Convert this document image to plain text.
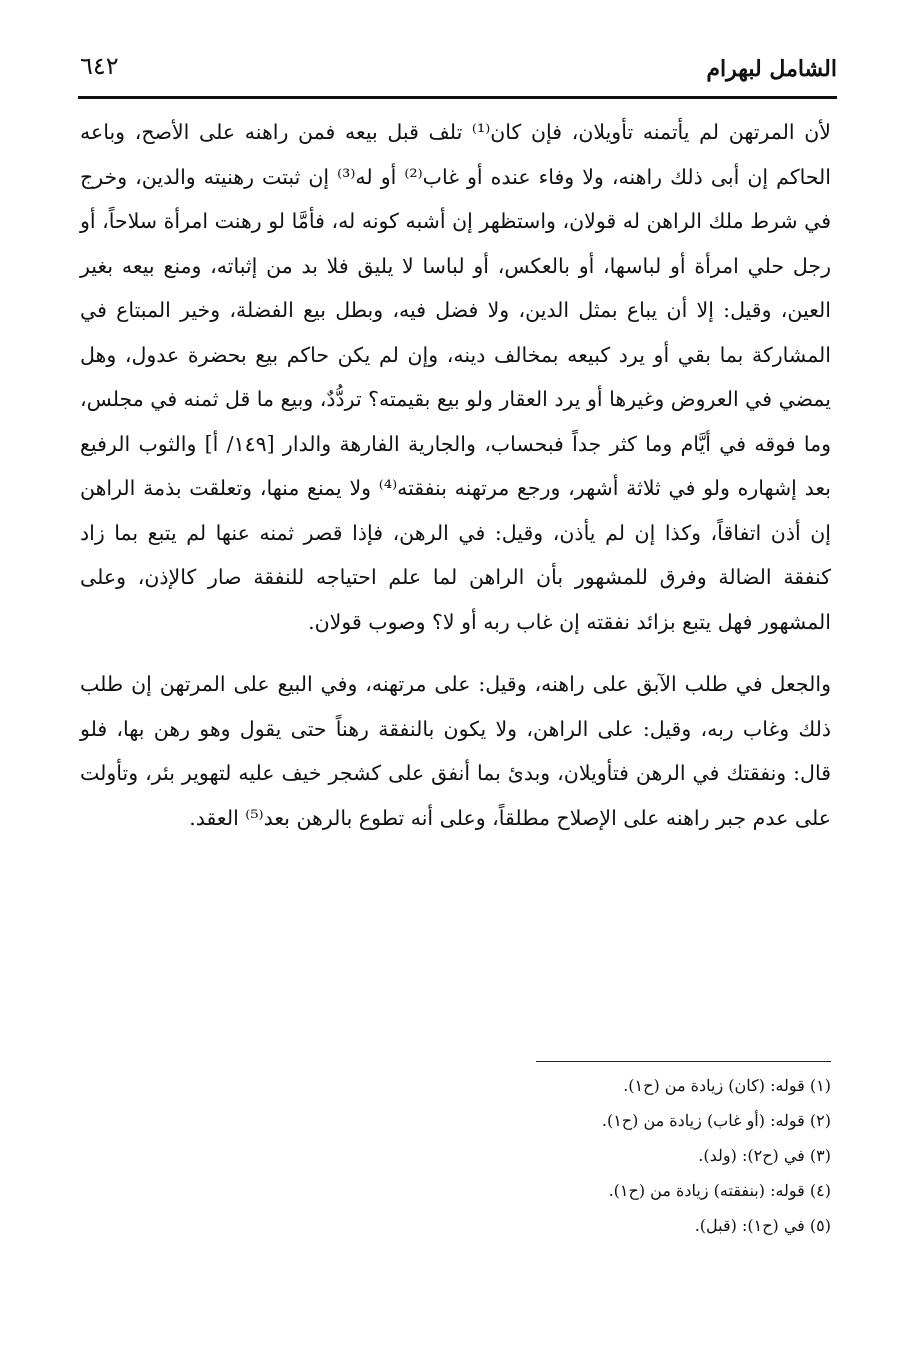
الشامل لبهرام
٦٤٢

لأن المرتهن لم يأتمنه تأويلان، فإن كان⁽¹⁾ تلف قبل بيعه فمن راهنه على الأصح، وباعه الحاكم إن أبى ذلك راهنه، ولا وفاء عنده أو غاب⁽²⁾ أو له⁽³⁾ إن ثبتت رهنيته والدين، وخرج في شرط ملك الراهن له قولان، واستظهر إن أشبه كونه له، فأمَّا لو رهنت امرأة سلاحاً، أو رجل حلي امرأة أو لباسها، أو بالعكس، أو لباسا لا يليق فلا بد من إثباته، ومنع بيعه بغير العين، وقيل: إلا أن يباع بمثل الدين، ولا فضل فيه، وبطل بيع الفضلة، وخير المبتاع في المشاركة بما بقي أو يرد كبيعه بمخالف دينه، وإن لم يكن حاكم بيع بحضرة عدول، وهل يمضي في العروض وغيرها أو يرد العقار ولو بيع بقيمته؟ تردُّدٌ، وبيع ما قل ثمنه في مجلس، وما فوقه في أيَّام وما كثر جداً فبحساب، والجارية الفارهة والدار [١٤٩/ أ] والثوب الرفيع بعد إشهاره ولو في ثلاثة أشهر، ورجع مرتهنه بنفقته⁽⁴⁾ ولا يمنع منها، وتعلقت بذمة الراهن إن أذن اتفاقاً، وكذا إن لم يأذن، وقيل: في الرهن، فإذا قصر ثمنه عنها لم يتبع بما زاد كنفقة الضالة وفرق للمشهور بأن الراهن لما علم احتياجه للنفقة صار كالإذن، وعلى المشهور فهل يتبع بزائد نفقته إن غاب ربه أو لا؟ وصوب قولان.

والجعل في طلب الآبق على راهنه، وقيل: على مرتهنه، وفي البيع على المرتهن إن طلب ذلك وغاب ربه، وقيل: على الراهن، ولا يكون بالنفقة رهناً حتى يقول وهو رهن بها، فلو قال: ونفقتك في الرهن فتأويلان، وبدئ بما أنفق على كشجر خيف عليه لتهوير بئر، وتأولت على عدم جبر راهنه على الإصلاح مطلقاً، وعلى أنه تطوع بالرهن بعد⁽⁵⁾ العقد.

(١) قوله: (كان) زيادة من (ح١).
(٢) قوله: (أو غاب) زيادة من (ح١).
(٣) في (ح٢): (ولد).
(٤) قوله: (بنفقته) زيادة من (ح١).
(٥) في (ح١): (قبل).
